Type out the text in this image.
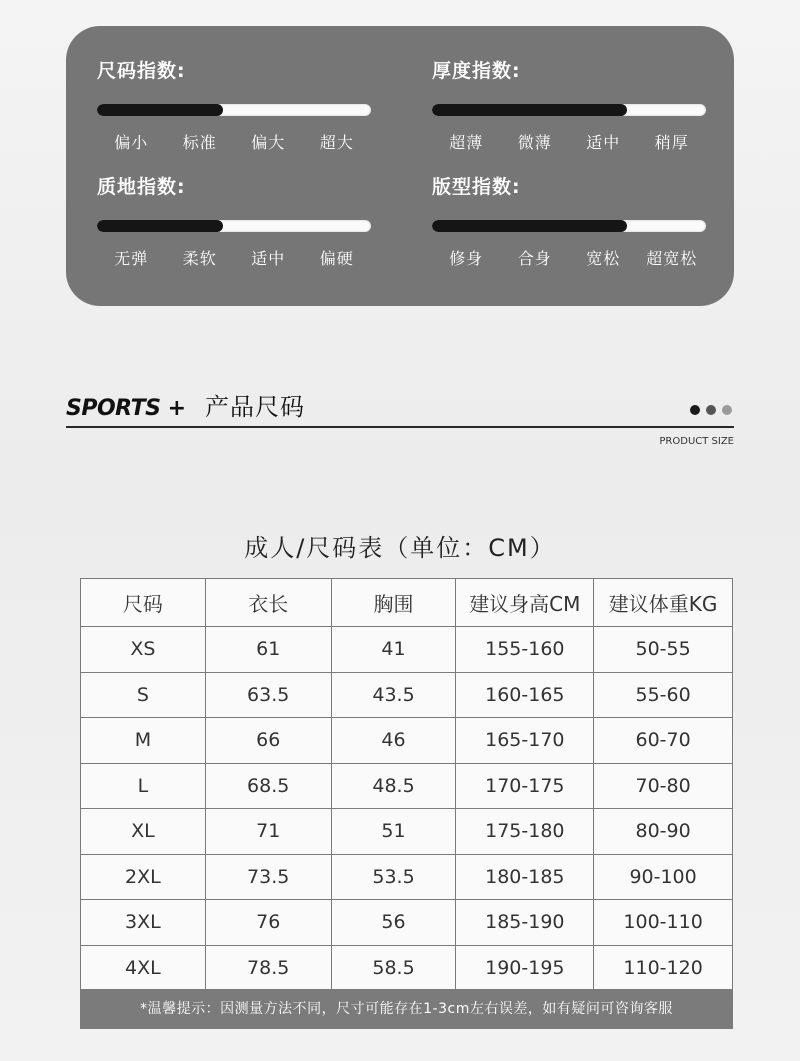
尺码指数:
偏小	标准	偏大	超大
厚度指数:
超薄	微薄	适中	稍厚
质地指数:
无弹	柔软	适中	偏硬
版型指数:
修身	合身	宽松	超宽松
SPORTS + 产品尺码
PRODUCT SIZE
成人/尺码表（单位：CM）
尺码	衣长	胸围	建议身高CM	建议体重KG
XS	61	41	155-160	50-55
S	63.5	43.5	160-165	55-60
M	66	46	165-170	60-70
L	68.5	48.5	170-175	70-80
XL	71	51	175-180	80-90
2XL	73.5	53.5	180-185	90-100
3XL	76	56	185-190	100-110
4XL	78.5	58.5	190-195	110-120
*温馨提示：因测量方法不同，尺寸可能存在1-3cm左右误差，如有疑问可咨询客服
